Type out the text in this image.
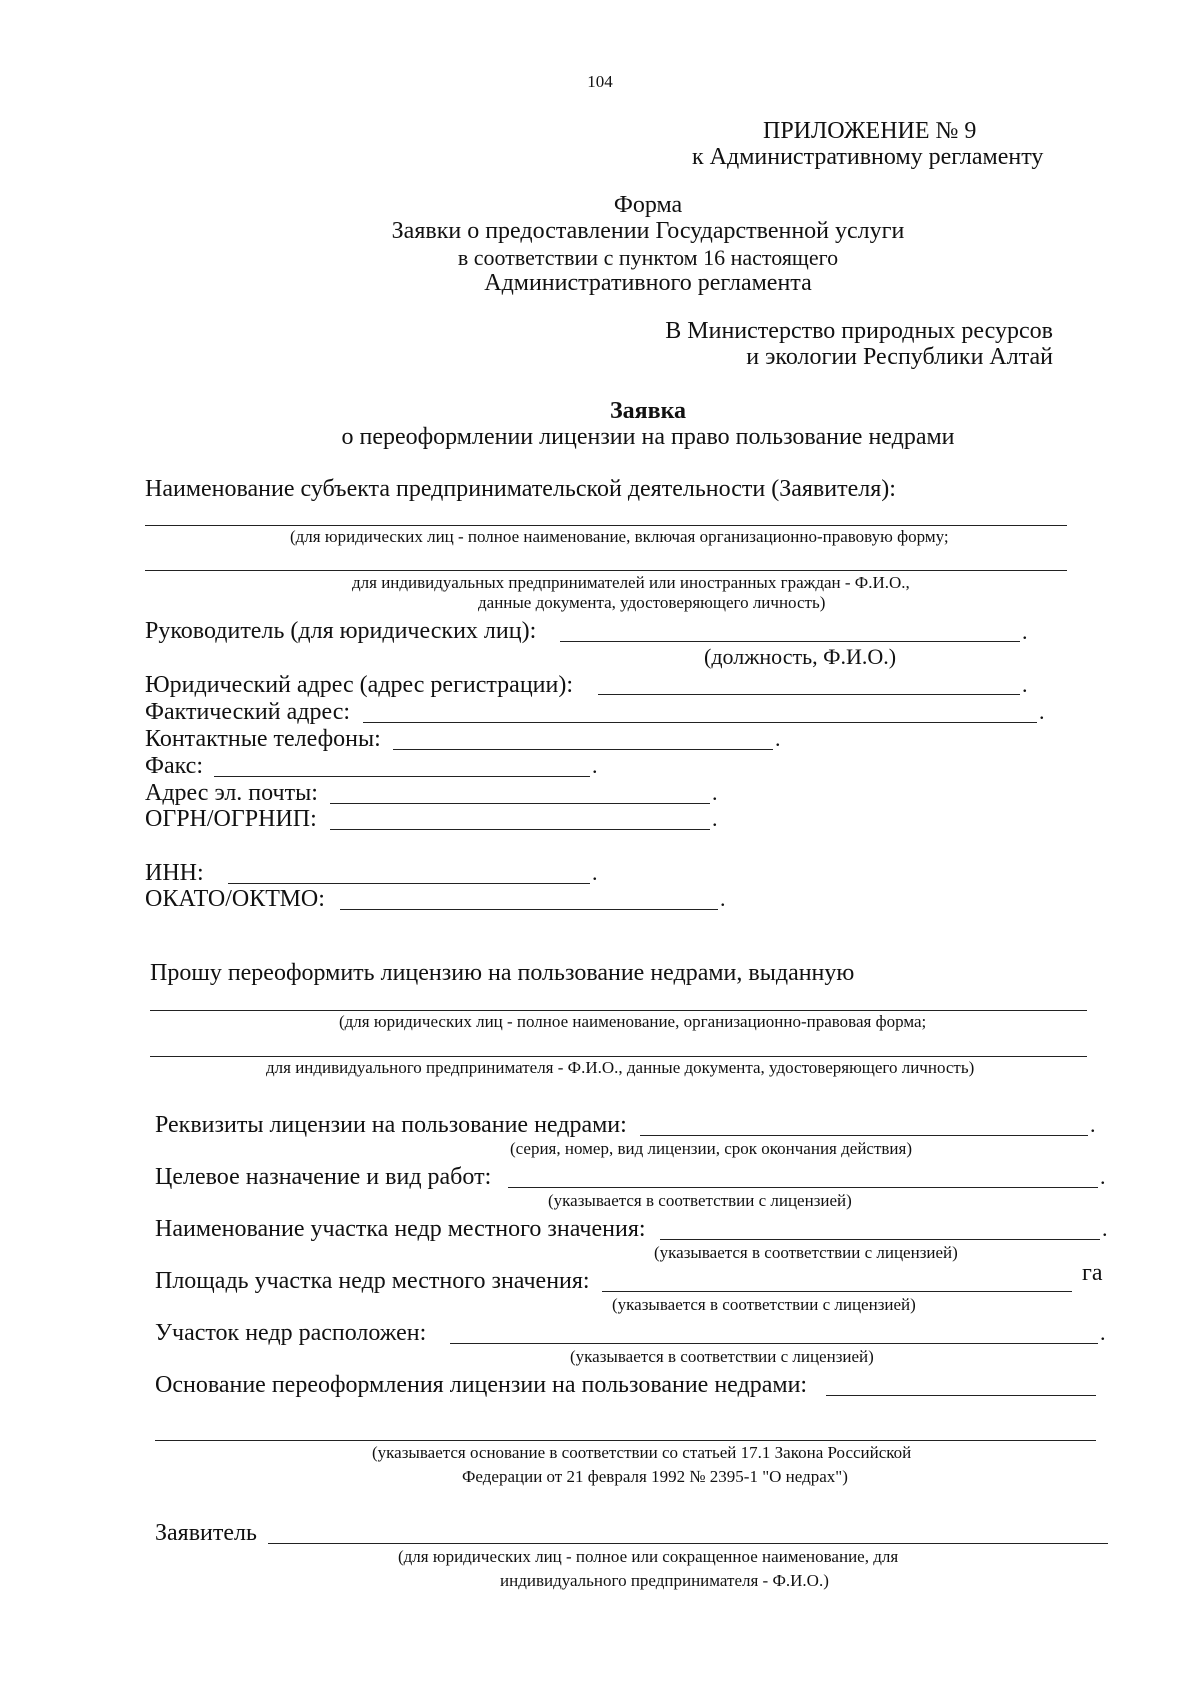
104
ПРИЛОЖЕНИЕ № 9
к Административному регламенту
Форма
Заявки о предоставлении Государственной услуги
в соответствии с пунктом 16 настоящего
Административного регламента
В Министерство природных ресурсов
и экологии Республики Алтай
Заявка
о переоформлении лицензии на право пользование недрами
Наименование субъекта предпринимательской деятельности (Заявителя):
(для юридических лиц - полное наименование, включая организационно-правовую форму;
для индивидуальных предпринимателей или иностранных граждан - Ф.И.О.,
данные документа, удостоверяющего личность)
Руководитель (для юридических лиц):	.
(должность, Ф.И.О.)
Юридический адрес (адрес регистрации):	.
Фактический адрес:	.
Контактные телефоны:	.
Факс:	.
Адрес эл. почты:	.
ОГРН/ОГРНИП:	.
ИНН:	.
ОКАТО/ОКТМО:	.
Прошу переоформить лицензию на пользование недрами, выданную
(для юридических лиц - полное наименование, организационно-правовая форма;
для индивидуального предпринимателя - Ф.И.О., данные документа, удостоверяющего личность)
Реквизиты лицензии на пользование недрами:	.
(серия, номер, вид лицензии, срок окончания действия)
Целевое назначение и вид работ:	.
(указывается в соответствии с лицензией)
Наименование участка недр местного значения:	.
(указывается в соответствии с лицензией)
Площадь участка недр местного значения:	га
(указывается в соответствии с лицензией)
Участок недр расположен:	.
(указывается в соответствии с лицензией)
Основание переоформления лицензии на пользование недрами:
(указывается основание в соответствии со статьей 17.1 Закона Российской
Федерации от 21 февраля 1992 № 2395-1 "О недрах")
Заявитель
(для юридических лиц - полное или сокращенное наименование, для
индивидуального предпринимателя - Ф.И.О.)
